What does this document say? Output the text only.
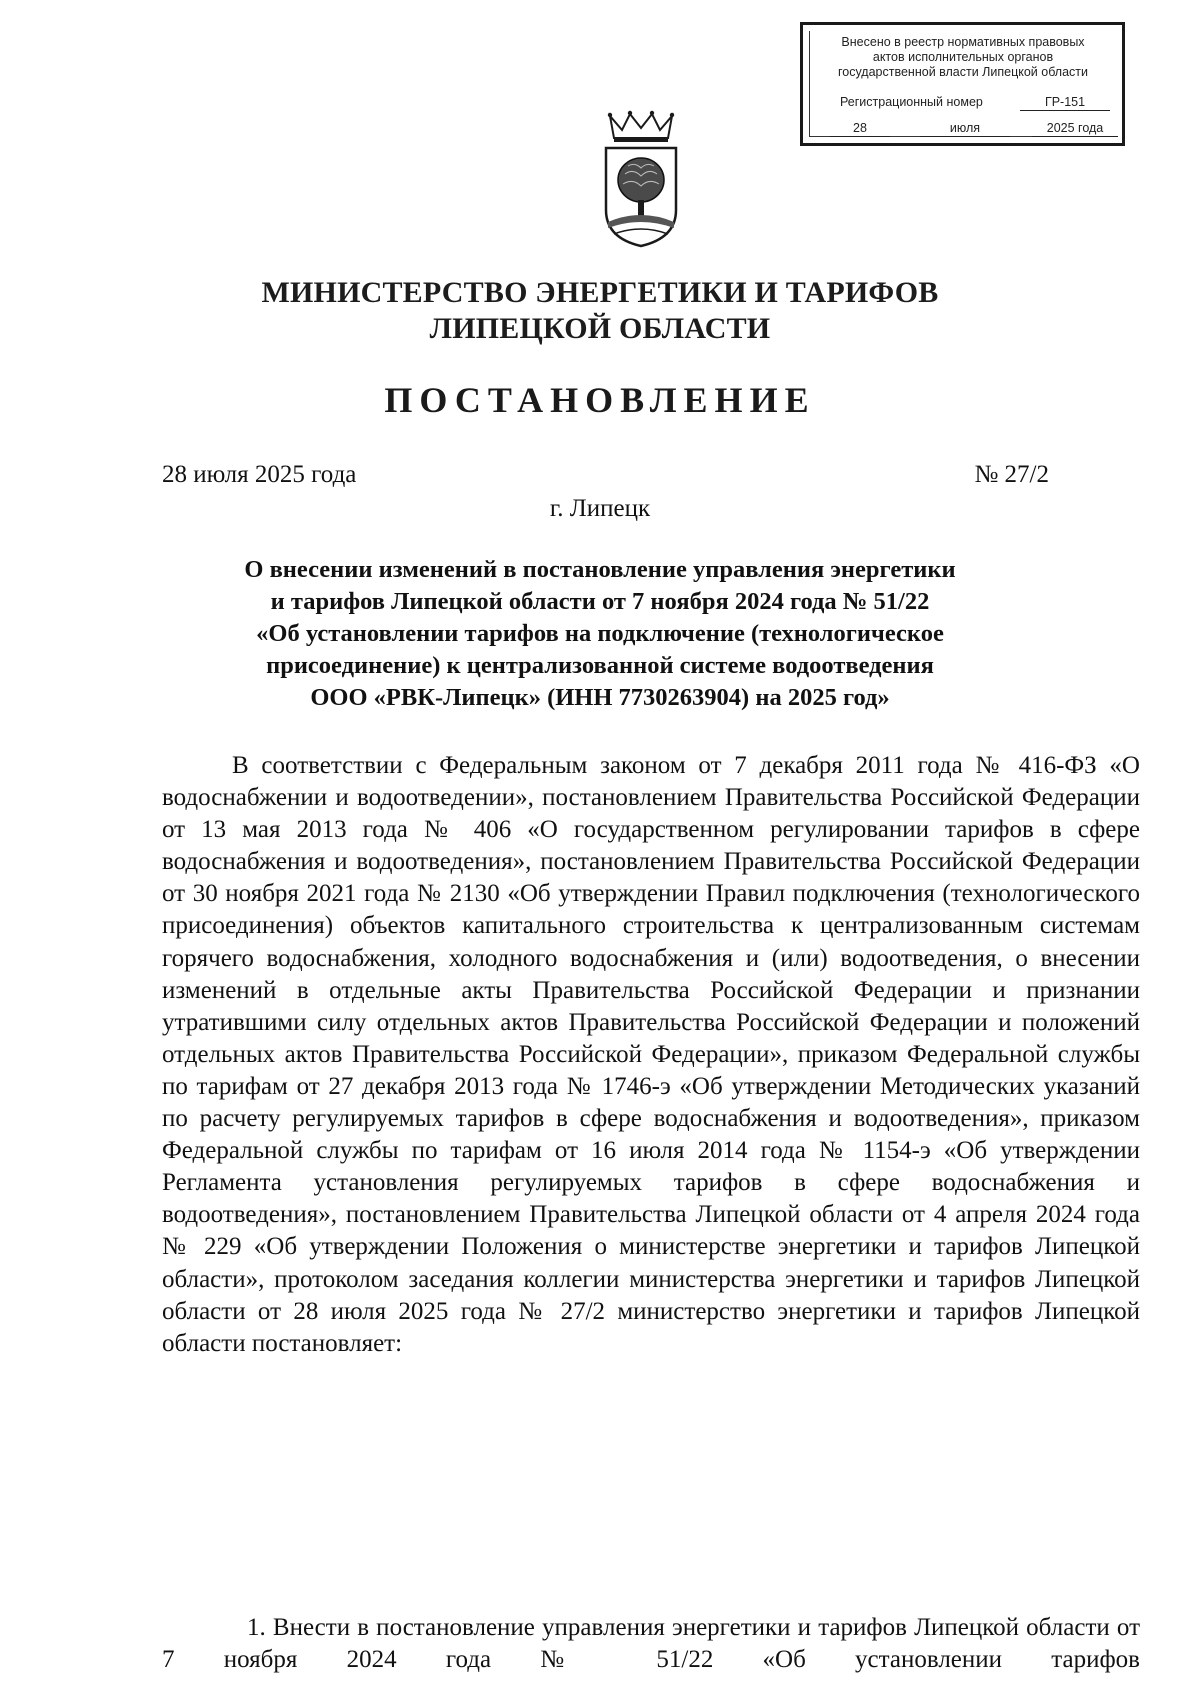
Внесено в реестр нормативных правовых
актов исполнительных органов
государственной власти Липецкой области
Регистрационный номер	ГР-151
28	июля	2025 года
МИНИСТЕРСТВО ЭНЕРГЕТИКИ И ТАРИФОВ
ЛИПЕЦКОЙ ОБЛАСТИ
ПОСТАНОВЛЕНИЕ
28 июля 2025 года	№ 27/2
г. Липецк
О внесении изменений в постановление управления энергетики
и тарифов Липецкой области от 7 ноября 2024 года № 51/22
«Об установлении тарифов на подключение (технологическое
присоединение) к централизованной системе водоотведения
ООО «РВК-Липецк» (ИНН 7730263904) на 2025 год»

В соответствии с Федеральным законом от 7 декабря 2011 года № 416-ФЗ «О водоснабжении и водоотведении», постановлением Правительства Российской Федерации от 13 мая 2013 года № 406 «О государственном регулировании тарифов в сфере водоснабжения и водоотведения», постановлением Правительства Российской Федерации от 30 ноября 2021 года № 2130 «Об утверждении Правил подключения (технологического присоединения) объектов капитального строительства к централизованным системам горячего водоснабжения, холодного водоснабжения и (или) водоотведения, о внесении изменений в отдельные акты Правительства Российской Федерации и признании утратившими силу отдельных актов Правительства Российской Федерации и положений отдельных актов Правительства Российской Федерации», приказом Федеральной службы по тарифам от 27 декабря 2013 года № 1746-э «Об утверждении Методических указаний по расчету регулируемых тарифов в сфере водоснабжения и водоотведения», приказом Федеральной службы по тарифам от 16 июля 2014 года № 1154-э «Об утверждении Регламента установления регулируемых тарифов в сфере водоснабжения и водоотведения», постановлением Правительства Липецкой области от 4 апреля 2024 года № 229 «Об утверждении Положения о министерстве энергетики и тарифов Липецкой области», протоколом заседания коллегии министерства энергетики и тарифов Липецкой области от 28 июля 2025 года № 27/2 министерство энергетики и тарифов Липецкой области постановляет:

1. Внести в постановление управления энергетики и тарифов Липецкой области от 7 ноября 2024 года № 51/22 «Об установлении тарифов
